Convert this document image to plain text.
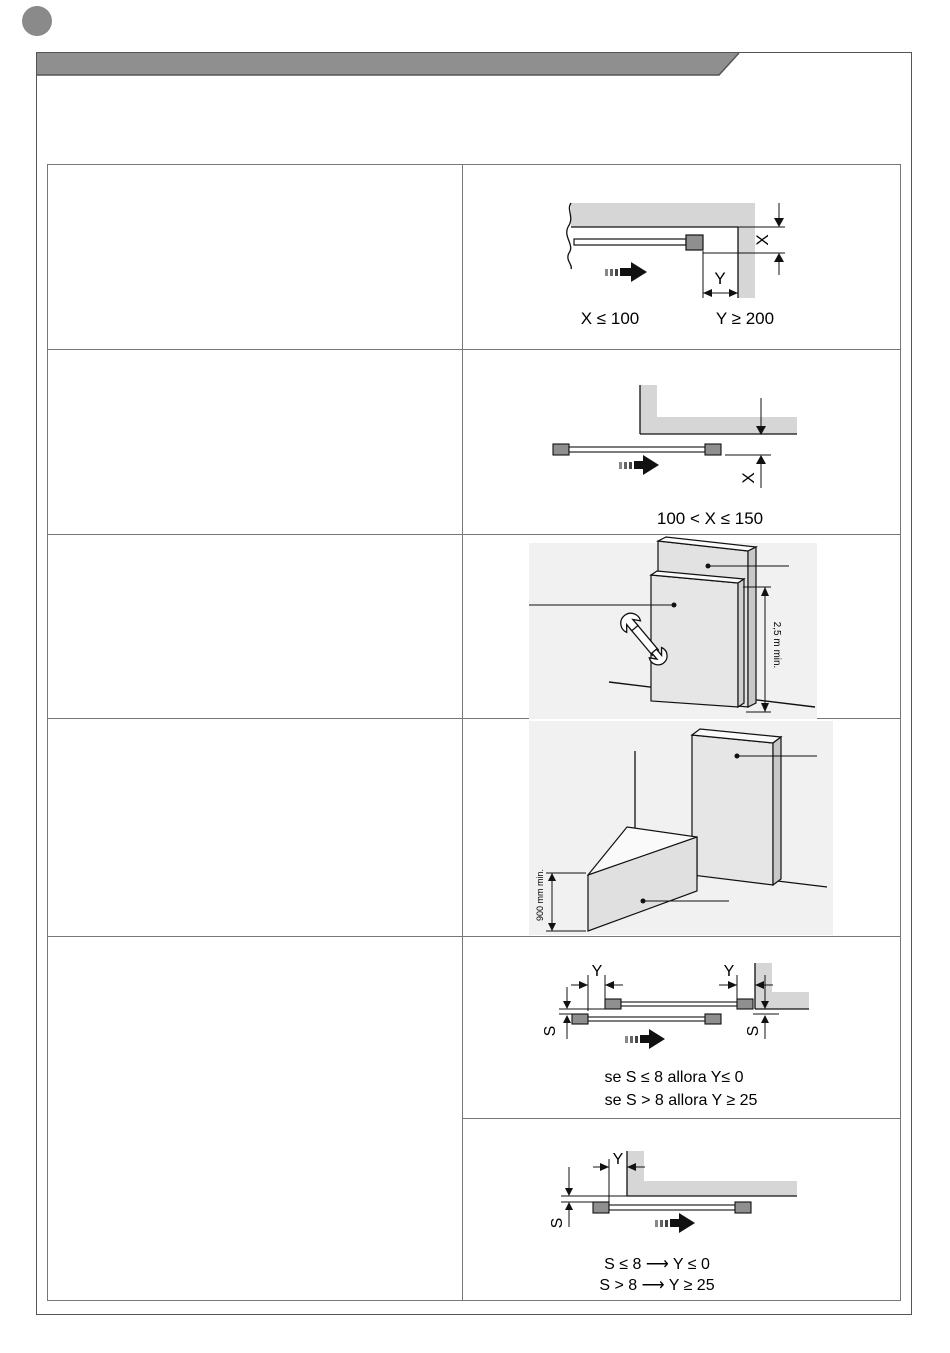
X
Y
X ≤ 100	Y ≥ 200
X
100 < X ≤ 150
2,5 m min.
900 mm min.
Y	Y
S	S
se S ≤ 8 allora Y≤ 0
se S > 8 allora Y ≥ 25
Y
S
S ≤ 8 ⟶ Y ≤ 0
S > 8 ⟶ Y ≥ 25
